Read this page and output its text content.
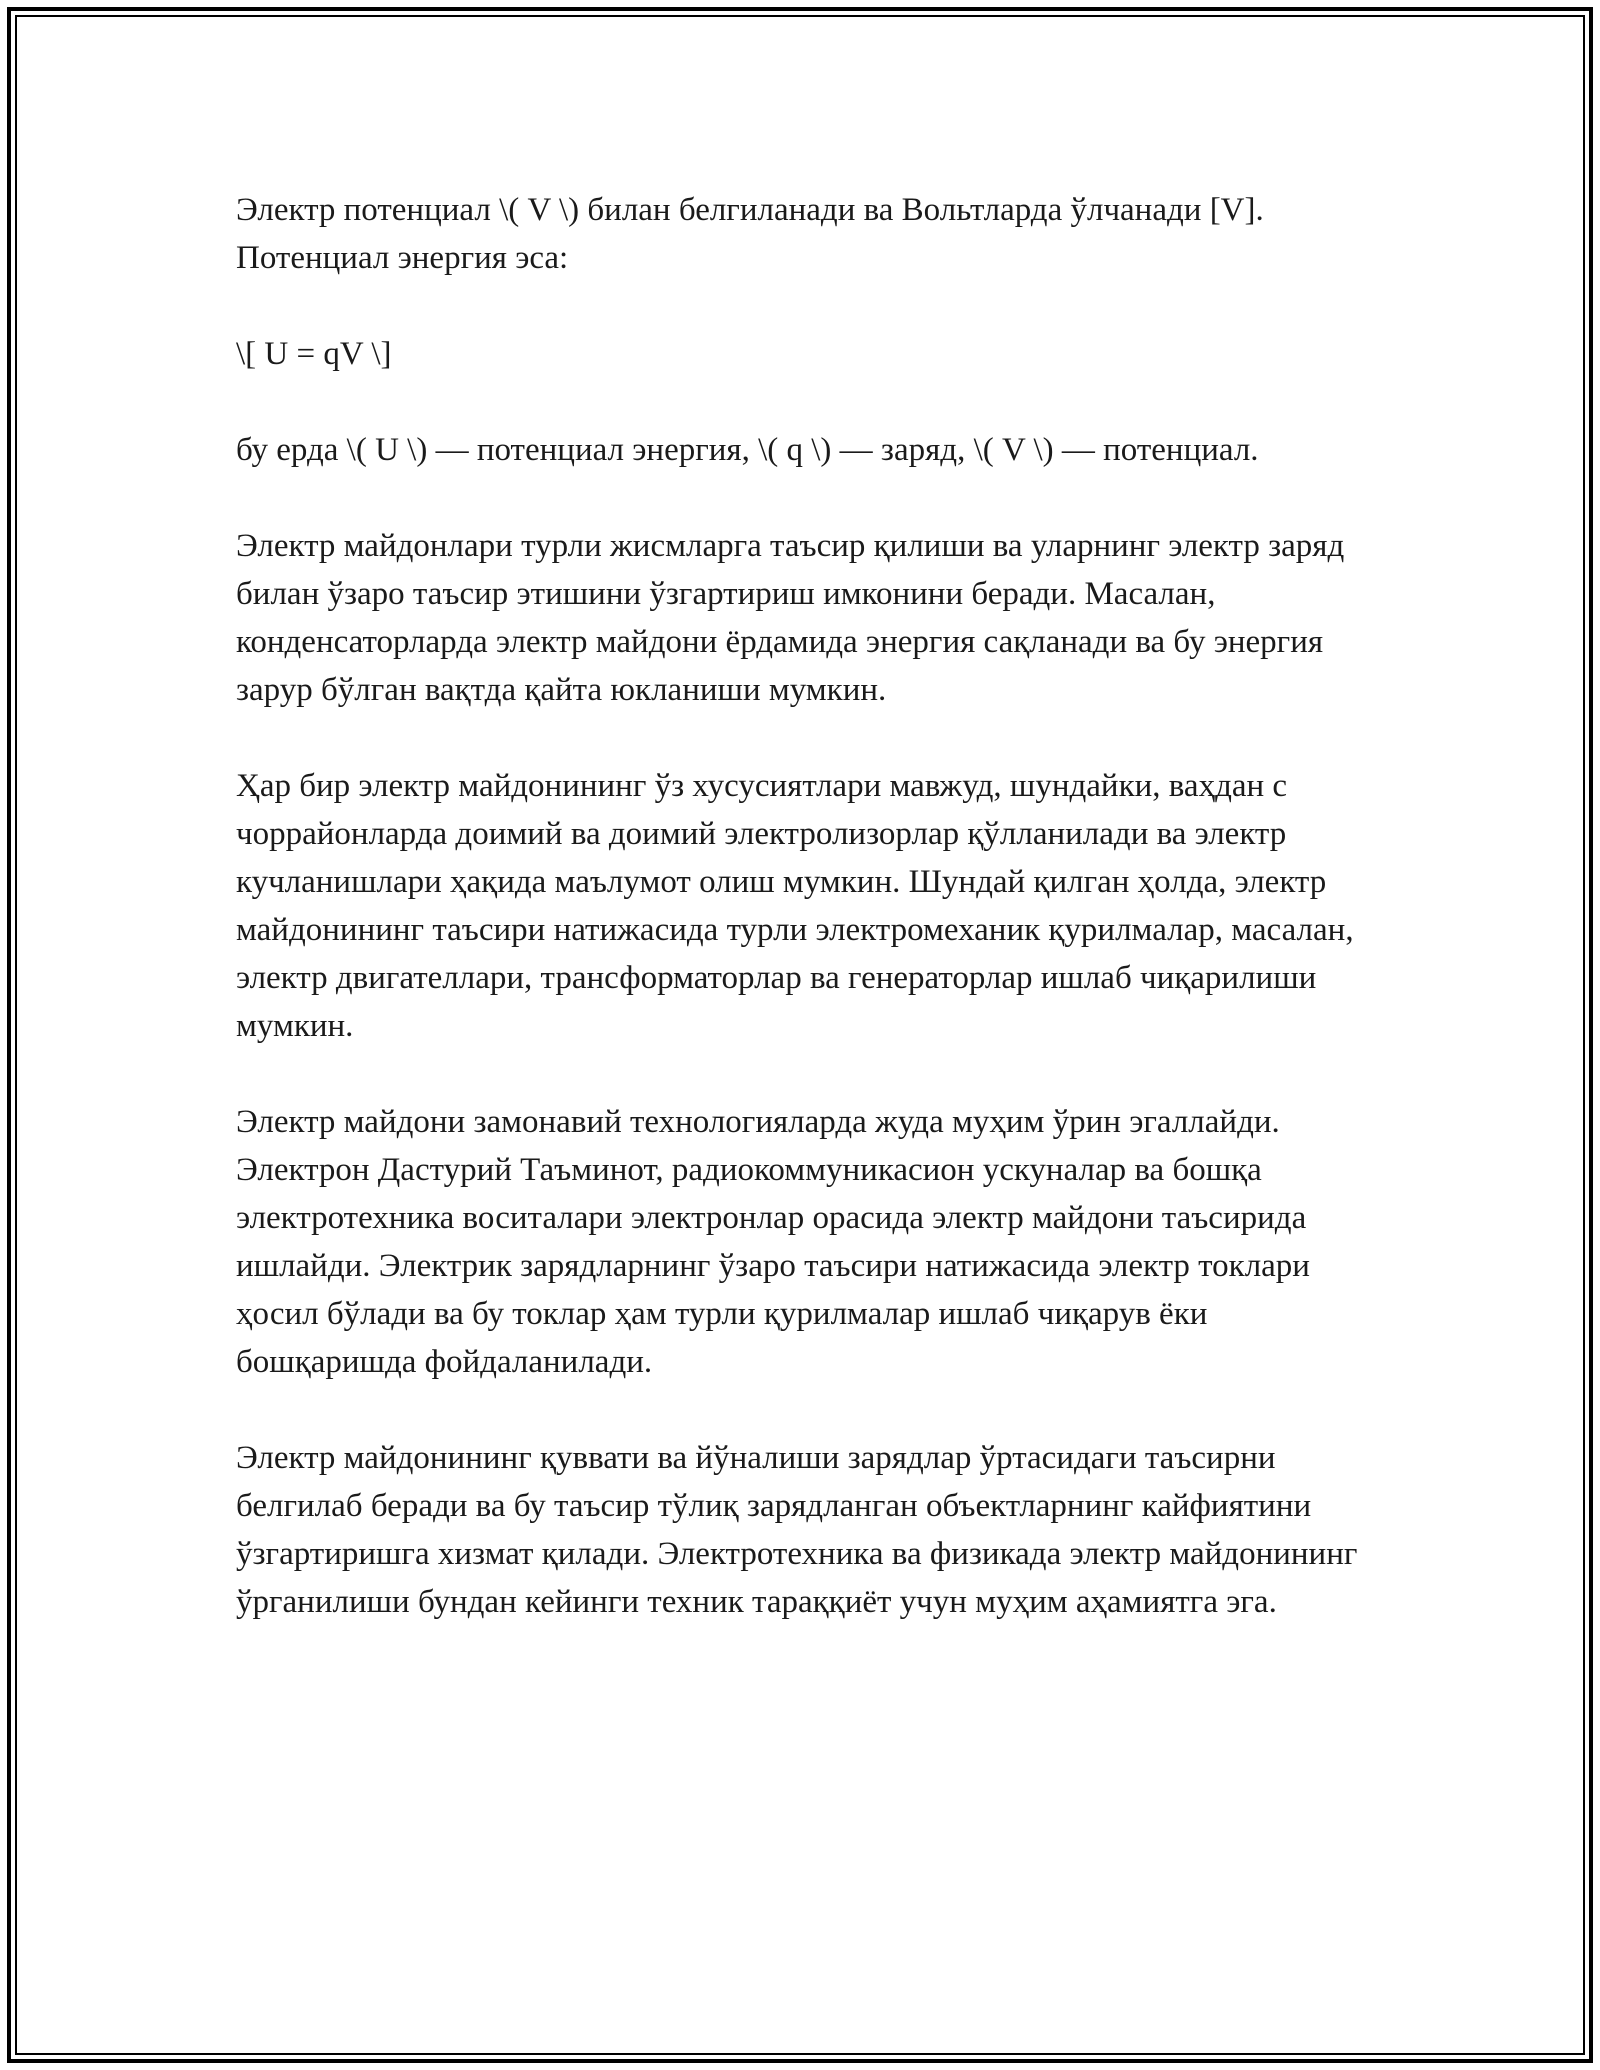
Электр потенциал \( V \) билан белгиланади ва Вольтларда ўлчанади [V]. Потенциал энергия эса:

\[ U = qV \]

бу ерда \( U \) — потенциал энергия, \( q \) — заряд, \( V \) — потенциал.

Электр майдонлари турли жисмларга таъсир қилиши ва уларнинг электр заряд билан ўзаро таъсир этишини ўзгартириш имконини беради. Масалан, конденсаторларда электр майдони ёрдамида энергия сақланади ва бу энергия зарур бўлган вақтда қайта юкланиши мумкин.

Ҳар бир электр майдонининг ўз хусусиятлари мавжуд, шундайки, ваҳдан с чоррайонларда доимий ва доимий электролизорлар қўлланилади ва электр кучланишлари ҳақида маълумот олиш мумкин. Шундай қилган ҳолда, электр майдонининг таъсири натижасида турли электромеханик қурилмалар, масалан, электр двигателлари, трансформаторлар ва генераторлар ишлаб чиқарилиши мумкин.

Электр майдони замонавий технологияларда жуда муҳим ўрин эгаллайди. Электрон Дастурий Таъминот, радиокоммуникасион ускуналар ва бошқа электротехника воситалари электронлар орасида электр майдони таъсирида ишлайди. Электрик зарядларнинг ўзаро таъсири натижасида электр токлари ҳосил бўлади ва бу токлар ҳам турли қурилмалар ишлаб чиқарув ёки бошқаришда фойдаланилади.

Электр майдонининг қуввати ва йўналиши зарядлар ўртасидаги таъсирни белгилаб беради ва бу таъсир тўлиқ зарядланган объектларнинг кайфиятини ўзгартиришга хизмат қилади. Электротехника ва физикада электр майдонининг ўрганилиши бундан кейинги техник тараққиёт учун муҳим аҳамиятга эга.
